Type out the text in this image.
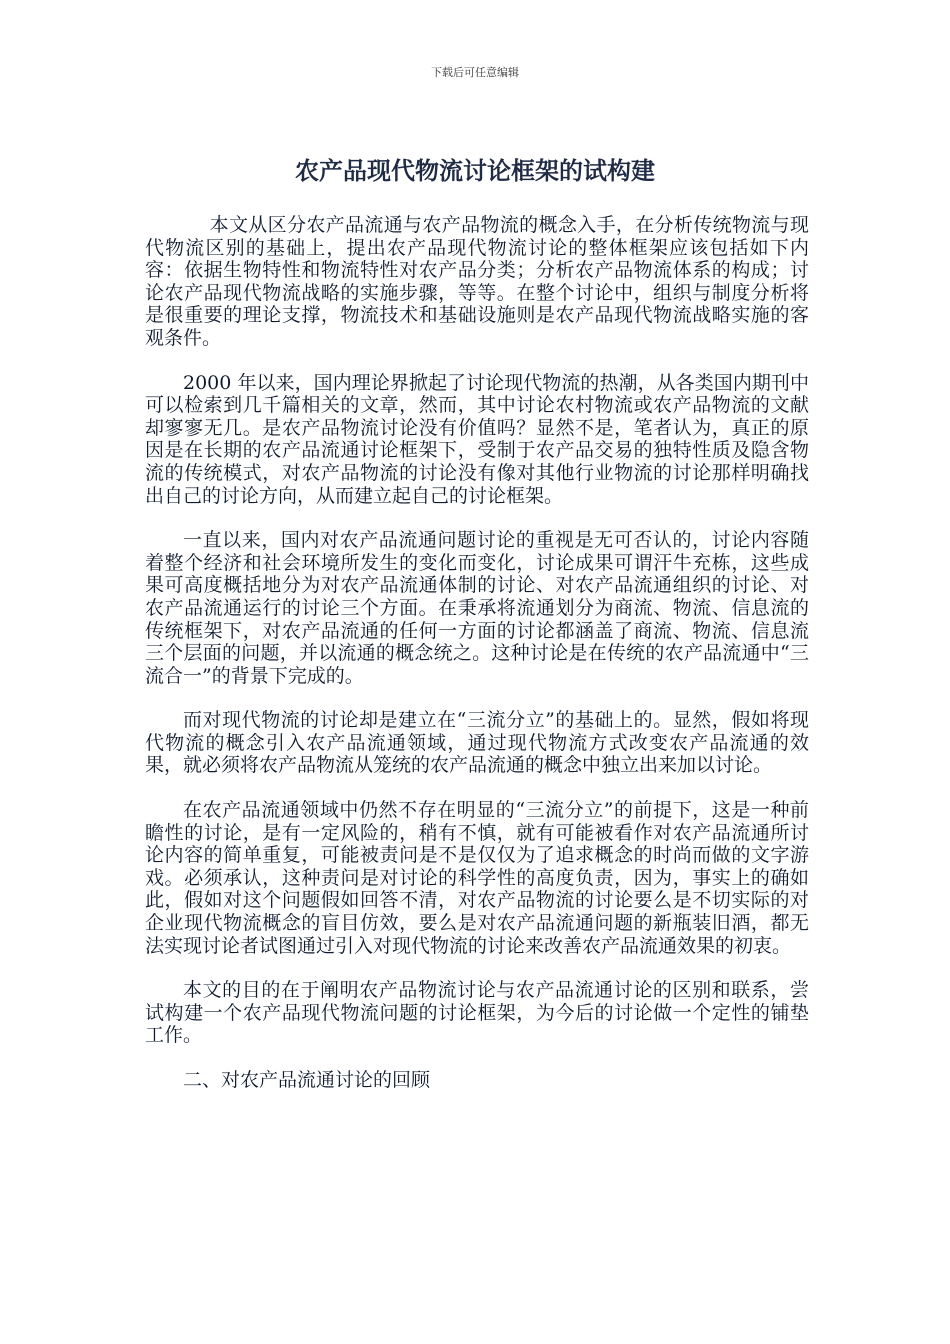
下载后可任意编辑
农产品现代物流讨论框架的试构建

本文从区分农产品流通与农产品物流的概念入手，在分析传统物流与现代物流区别的基础上，提出农产品现代物流讨论的整体框架应该包括如下内容：依据生物特性和物流特性对农产品分类；分析农产品物流体系的构成；讨论农产品现代物流战略的实施步骤，等等。在整个讨论中，组织与制度分析将是很重要的理论支撑，物流技术和基础设施则是农产品现代物流战略实施的客观条件。

2000 年以来，国内理论界掀起了讨论现代物流的热潮，从各类国内期刊中可以检索到几千篇相关的文章，然而，其中讨论农村物流或农产品物流的文献却寥寥无几。是农产品物流讨论没有价值吗？显然不是，笔者认为，真正的原因是在长期的农产品流通讨论框架下，受制于农产品交易的独特性质及隐含物流的传统模式，对农产品物流的讨论没有像对其他行业物流的讨论那样明确找出自己的讨论方向，从而建立起自己的讨论框架。

一直以来，国内对农产品流通问题讨论的重视是无可否认的，讨论内容随着整个经济和社会环境所发生的变化而变化，讨论成果可谓汗牛充栋，这些成果可高度概括地分为对农产品流通体制的讨论、对农产品流通组织的讨论、对农产品流通运行的讨论三个方面。在秉承将流通划分为商流、物流、信息流的传统框架下，对农产品流通的任何一方面的讨论都涵盖了商流、物流、信息流三个层面的问题，并以流通的概念统之。这种讨论是在传统的农产品流通中“三流合一”的背景下完成的。

而对现代物流的讨论却是建立在“三流分立”的基础上的。显然，假如将现代物流的概念引入农产品流通领域，通过现代物流方式改变农产品流通的效果，就必须将农产品物流从笼统的农产品流通的概念中独立出来加以讨论。

在农产品流通领域中仍然不存在明显的“三流分立”的前提下，这是一种前瞻性的讨论，是有一定风险的，稍有不慎，就有可能被看作对农产品流通所讨论内容的简单重复，可能被责问是不是仅仅为了追求概念的时尚而做的文字游戏。必须承认，这种责问是对讨论的科学性的高度负责，因为，事实上的确如此，假如对这个问题假如回答不清，对农产品物流的讨论要么是不切实际的对企业现代物流概念的盲目仿效，要么是对农产品流通问题的新瓶装旧酒，都无法实现讨论者试图通过引入对现代物流的讨论来改善农产品流通效果的初衷。

本文的目的在于阐明农产品物流讨论与农产品流通讨论的区别和联系，尝试构建一个农产品现代物流问题的讨论框架，为今后的讨论做一个定性的铺垫工作。

二、对农产品流通讨论的回顾
